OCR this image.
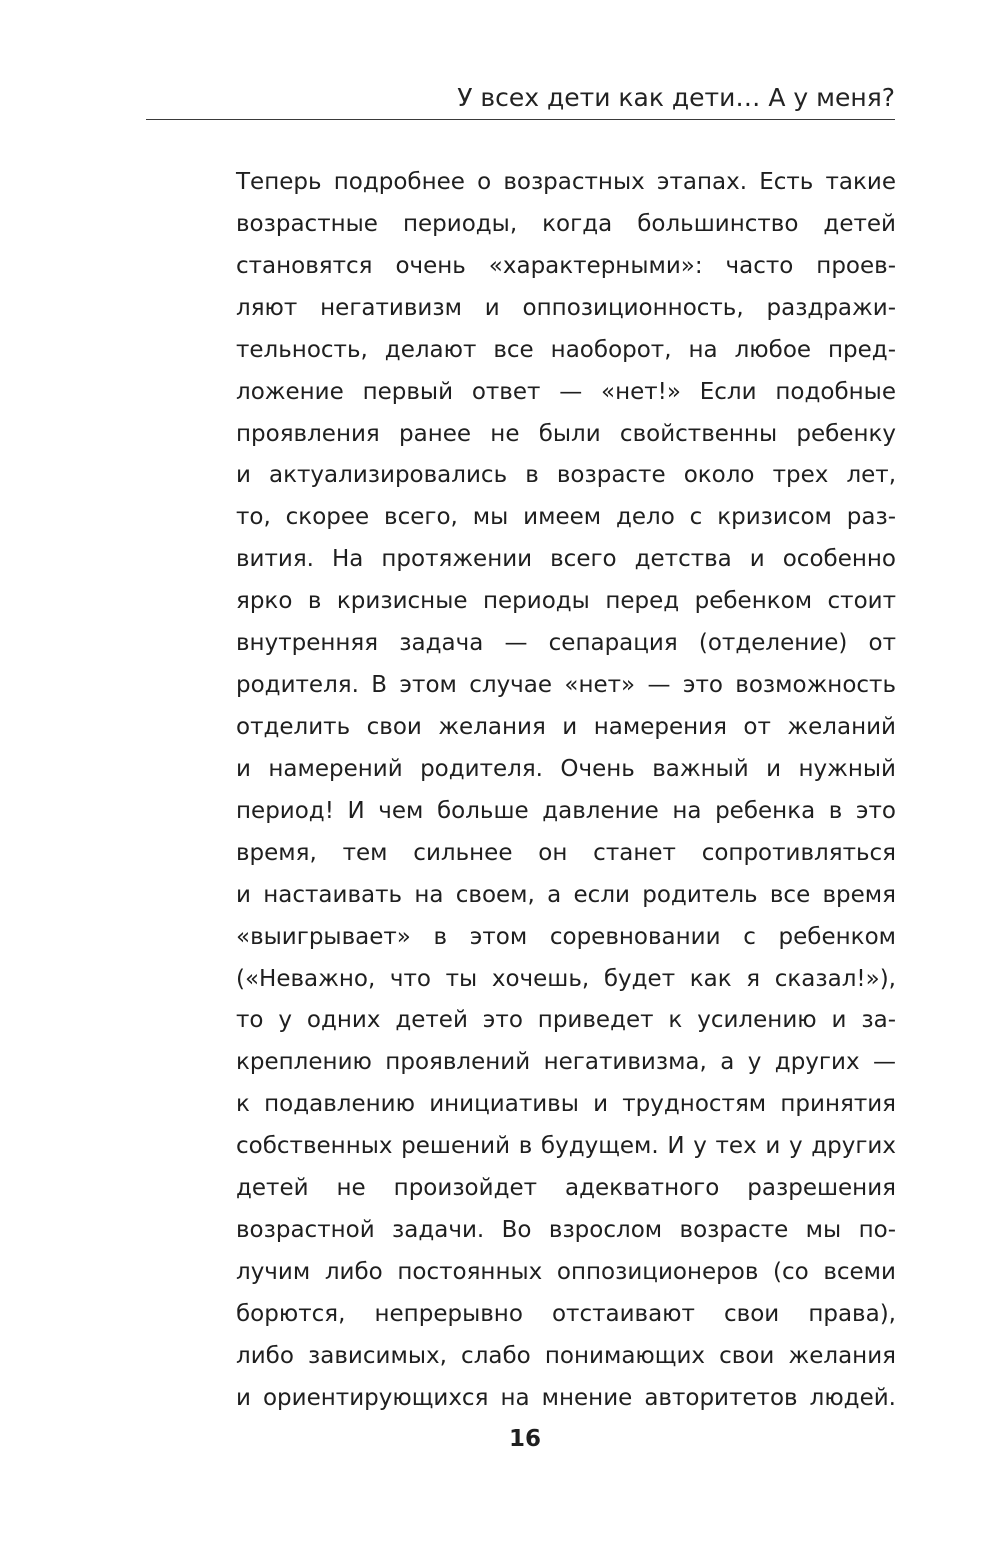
У всех дети как дети… А у меня?
Теперь подробнее о возрастных этапах. Есть такие
возрастные периоды, когда большинство детей
становятся очень «характерными»: часто проев-
ляют негативизм и оппозиционность, раздражи-
тельность, делают все наоборот, на любое пред-
ложение первый ответ — «нет!» Если подобные
проявления ранее не были свойственны ребенку
и актуализировались в возрасте около трех лет,
то, скорее всего, мы имеем дело с кризисом раз-
вития. На протяжении всего детства и особенно
ярко в кризисные периоды перед ребенком стоит
внутренняя задача — сепарация (отделение) от
родителя. В этом случае «нет» — это возможность
отделить свои желания и намерения от желаний
и намерений родителя. Очень важный и нужный
период! И чем больше давление на ребенка в это
время, тем сильнее он станет сопротивляться
и настаивать на своем, а если родитель все время
«выигрывает» в этом соревновании с ребенком
(«Неважно, что ты хочешь, будет как я сказал!»),
то у одних детей это приведет к усилению и за-
креплению проявлений негативизма, а у других —
к подавлению инициативы и трудностям принятия
собственных решений в будущем. И у тех и у других
детей не произойдет адекватного разрешения
возрастной задачи. Во взрослом возрасте мы по-
лучим либо постоянных оппозиционеров (со всеми
борются, непрерывно отстаивают свои права),
либо зависимых, слабо понимающих свои желания
и ориентирующихся на мнение авторитетов людей.
16
